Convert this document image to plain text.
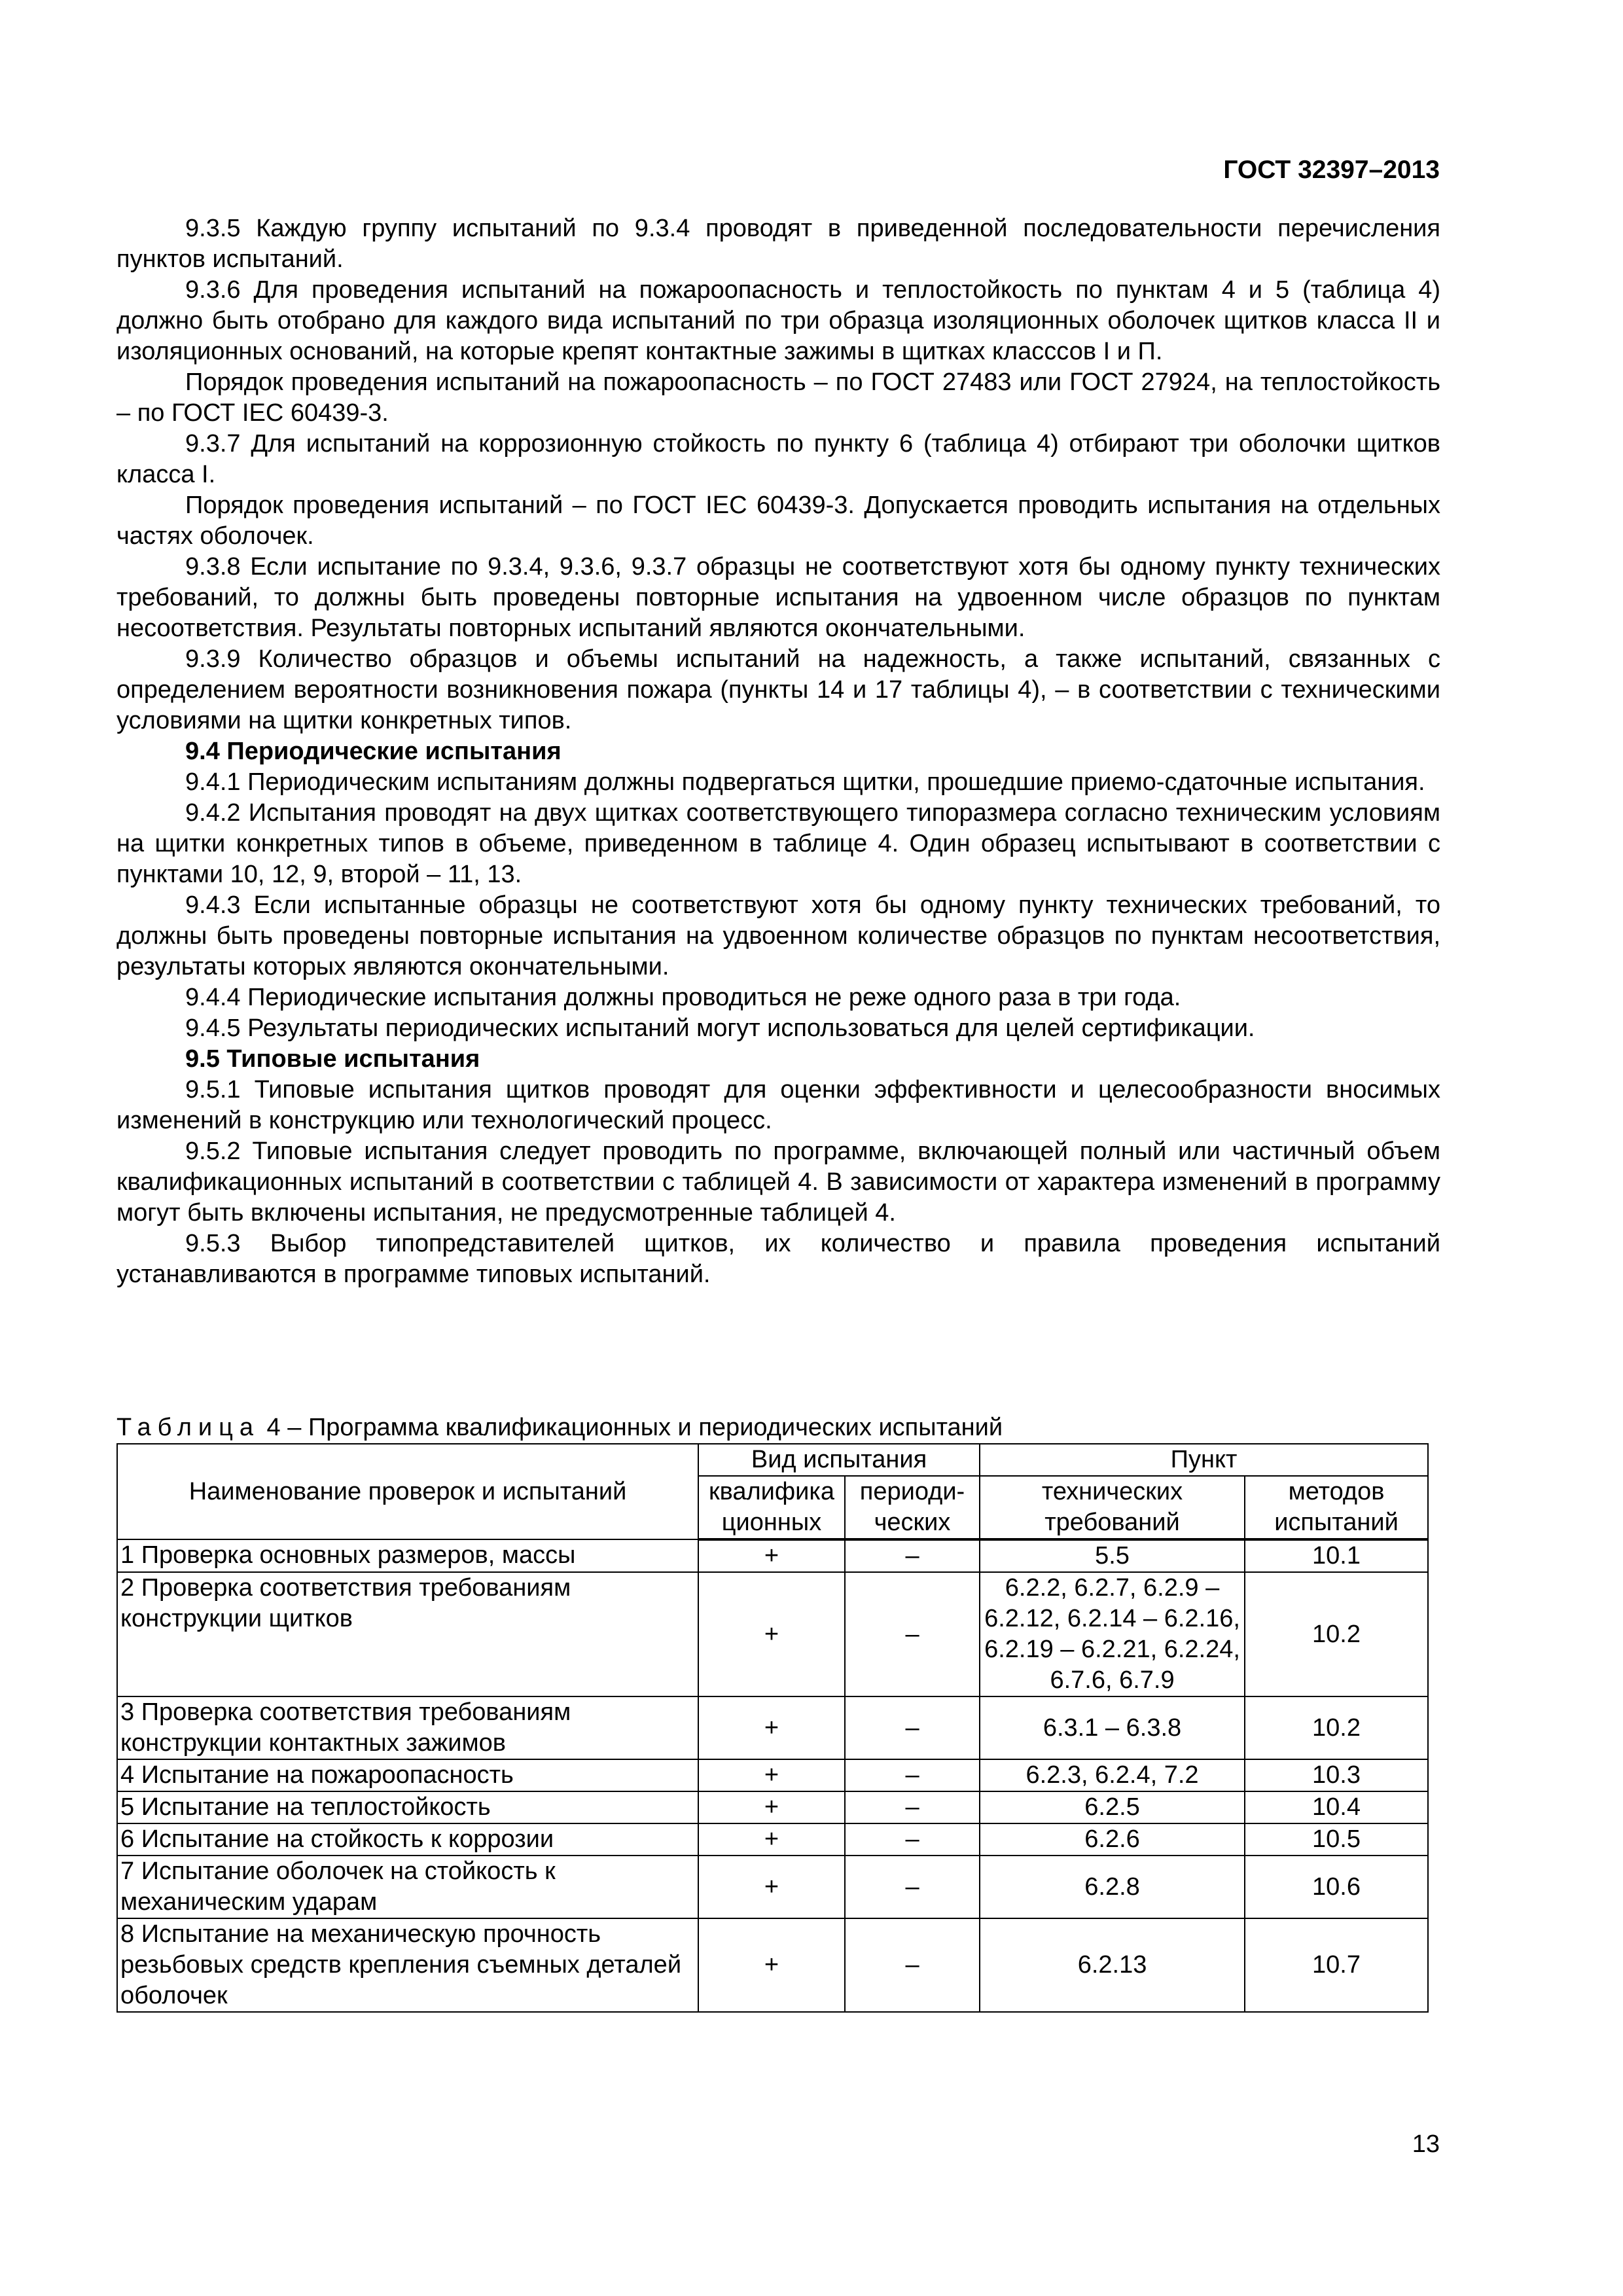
ГОСТ 32397–2013

9.3.5 Каждую группу испытаний по 9.3.4 проводят в приведенной последовательности перечисления пунктов испытаний.

9.3.6 Для проведения испытаний на пожароопасность и теплостойкость по пунктам 4 и 5 (таблица 4) должно быть отобрано для каждого вида испытаний по три образца изоляционных оболочек щитков класса II и изоляционных оснований, на которые крепят контактные зажимы в щитках класссов I и П.

Порядок проведения испытаний на пожароопасность – по ГОСТ 27483 или ГОСТ 27924, на теплостойкость – по ГОСТ IEC 60439-3.

9.3.7 Для испытаний на коррозионную стойкость по пункту 6 (таблица 4) отбирают три оболочки щитков класса I.

Порядок проведения испытаний – по ГОСТ IEC 60439-3. Допускается проводить испытания на отдельных частях оболочек.

9.3.8 Если испытание по 9.3.4, 9.3.6, 9.3.7 образцы не соответствуют хотя бы одному пункту технических требований, то должны быть проведены повторные испытания на удвоенном числе образцов по пунктам несоответствия. Результаты повторных испытаний являются окончательными.

9.3.9 Количество образцов и объемы испытаний на надежность, а также испытаний, связанных с определением вероятности возникновения пожара (пункты 14 и 17 таблицы 4), – в соответствии с техническими условиями на щитки конкретных типов.

9.4 Периодические испытания

9.4.1 Периодическим испытаниям должны подвергаться щитки, прошедшие приемо-сдаточные испытания.

9.4.2 Испытания проводят на двух щитках соответствующего типоразмера согласно техническим условиям на щитки конкретных типов в объеме, приведенном в таблице 4. Один образец испытывают в соответствии с пунктами 10, 12, 9, второй – 11, 13.

9.4.3 Если испытанные образцы не соответствуют хотя бы одному пункту технических требований, то должны быть проведены повторные испытания на удвоенном количестве образцов по пунктам несоответствия, результаты которых являются окончательными.

9.4.4 Периодические испытания должны проводиться не реже одного раза в три года.

9.4.5 Результаты периодических испытаний могут использоваться для целей сертификации.

9.5 Типовые испытания

9.5.1 Типовые испытания щитков проводят для оценки эффективности и целесообразности вносимых изменений в конструкцию или технологический процесс.

9.5.2 Типовые испытания следует проводить по программе, включающей полный или частичный объем квалификационных испытаний в соответствии с таблицей 4. В зависимости от характера изменений в программу могут быть включены испытания, не предусмотренные таблицей 4.

9.5.3 Выбор типопредставителей щитков, их количество и правила проведения испытаний устанавливаются в программе типовых испытаний.

Таблица 4 – Программа квалификационных и периодических испытаний
Наименование проверок и испытаний	Вид испытания		Пункт	
	квалифика ционных	периоди- ческих	технических требований	методов испытаний
1 Проверка основных размеров, массы	+	–	5.5	10.1
2 Проверка соответствия требованиям конструкции щитков	+	–	6.2.2, 6.2.7, 6.2.9 – 6.2.12, 6.2.14 – 6.2.16, 6.2.19 – 6.2.21, 6.2.24, 6.7.6, 6.7.9	10.2
3 Проверка соответствия требованиям конструкции контактных зажимов	+	–	6.3.1 – 6.3.8	10.2
4 Испытание на пожароопасность	+	–	6.2.3, 6.2.4, 7.2	10.3
5 Испытание на теплостойкость	+	–	6.2.5	10.4
6 Испытание на стойкость к коррозии	+	–	6.2.6	10.5
7 Испытание оболочек на стойкость к механическим ударам	+	–	6.2.8	10.6
8 Испытание на механическую прочность резьбовых средств крепления съемных деталей оболочек	+	–	6.2.13	10.7
13
